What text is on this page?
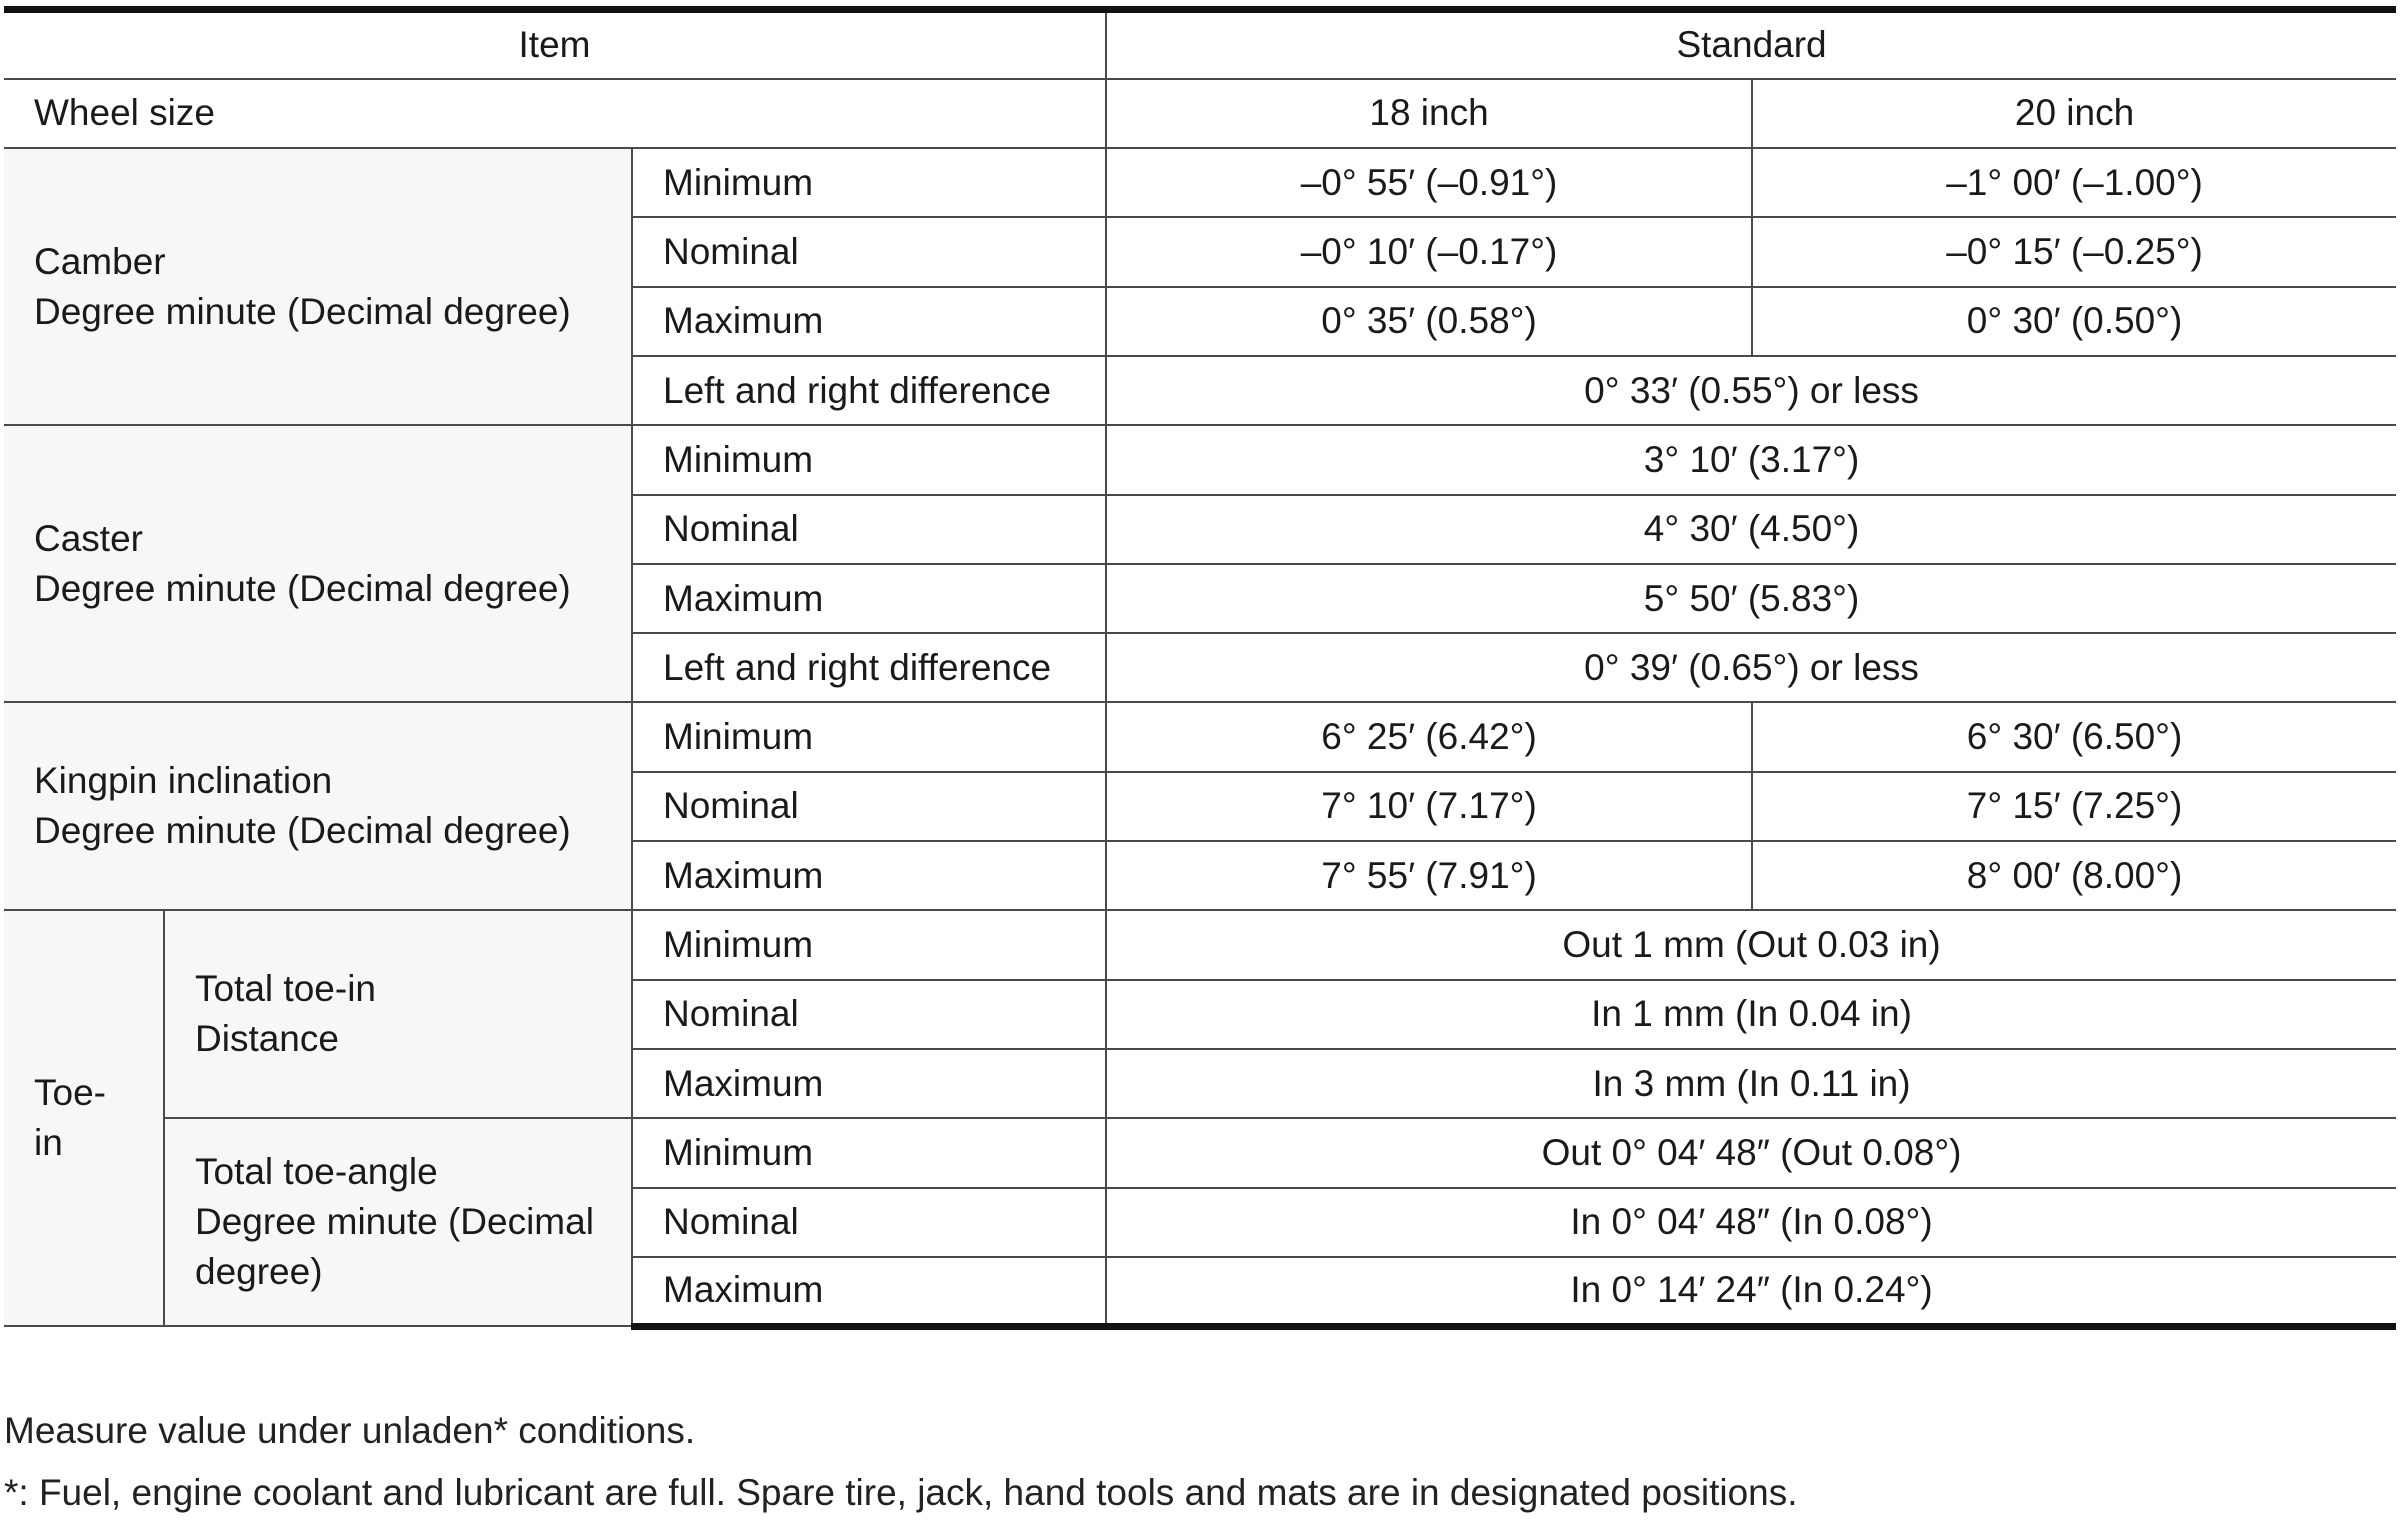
Item			Standard	
Wheel size			18 inch	20 inch

Camber
Degree minute (Decimal degree)		Minimum	–0° 55′ (–0.91°)	–1° 00′ (–1.00°)
		Nominal	–0° 10′ (–0.17°)	–0° 15′ (–0.25°)
		Maximum	0° 35′ (0.58°)	0° 30′ (0.50°)
		Left and right difference	0° 33′ (0.55°) or less	

Caster
Degree minute (Decimal degree)		Minimum	3° 10′ (3.17°)	
		Nominal	4° 30′ (4.50°)	
		Maximum	5° 50′ (5.83°)	
		Left and right difference	0° 39′ (0.65°) or less	

Kingpin inclination
Degree minute (Decimal degree)		Minimum	6° 25′ (6.42°)	6° 30′ (6.50°)
		Nominal	7° 10′ (7.17°)	7° 15′ (7.25°)
		Maximum	7° 55′ (7.91°)	8° 00′ (8.00°)
Toe-in	Total toe-in
Distance	Minimum	Out 1 mm (Out 0.03 in)	
		Nominal	In 1 mm (In 0.04 in)	
		Maximum	In 3 mm (In 0.11 in)	

	Total toe-angle
Degree minute (Decimal
degree)	Minimum	Out 0° 04′ 48″ (Out 0.08°)	
		Nominal	In 0° 04′ 48″ (In 0.08°)	
		Maximum	In 0° 14′ 24″ (In 0.24°)	
Measure value under unladen* conditions.
*: Fuel, engine coolant and lubricant are full. Spare tire, jack, hand tools and mats are in designated positions.
